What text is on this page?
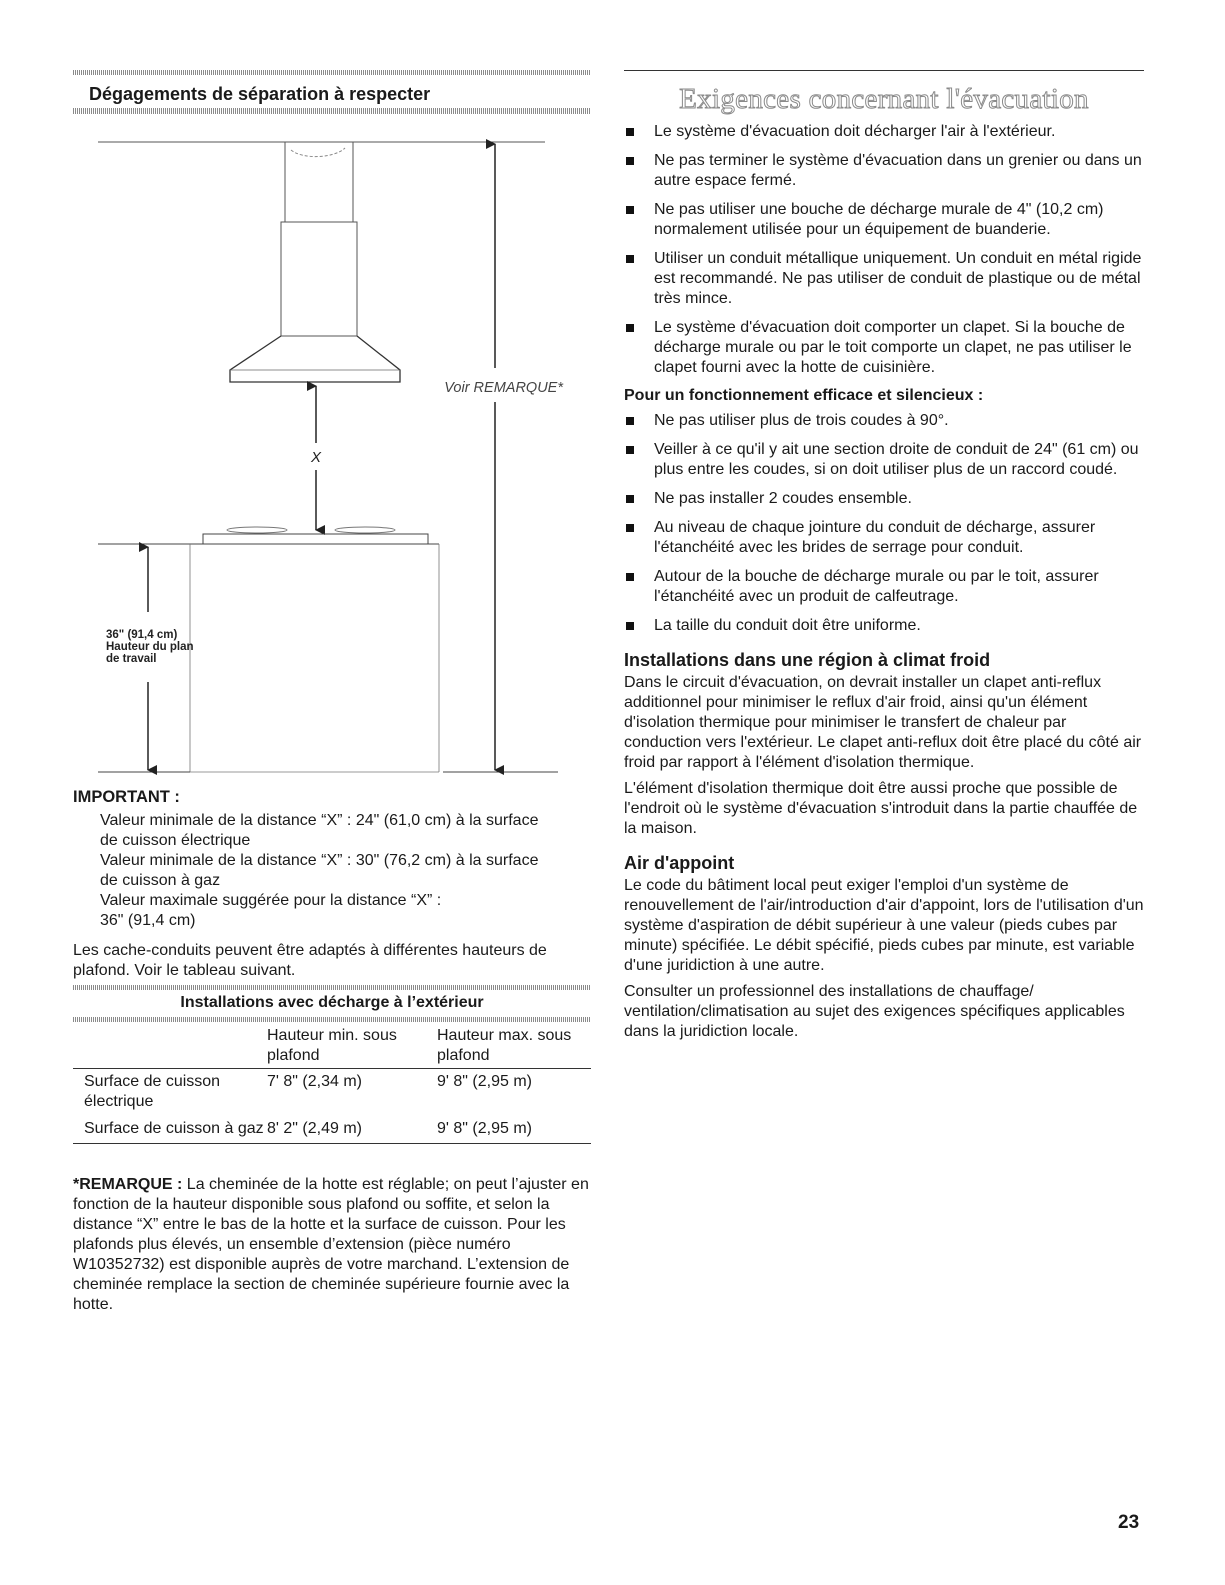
Dégagements de séparation à respecter
X
36" (91,4 cm)
Hauteur du plan
de travail
Voir REMARQUE*
IMPORTANT :
Valeur minimale de la distance “X” : 24" (61,0 cm) à la surface
de cuisson électrique
Valeur minimale de la distance “X” : 30" (76,2 cm) à la surface
de cuisson à gaz
Valeur maximale suggérée pour la distance “X” :
36" (91,4 cm)
Les cache-conduits peuvent être adaptés à différentes hauteurs de plafond. Voir le tableau suivant.
Installations avec décharge à l’extérieur
	Hauteur min. sous plafond	Hauteur max. sous plafond
Surface de cuisson électrique	7' 8" (2,34 m)	9' 8" (2,95 m)
Surface de cuisson à gaz	8' 2" (2,49 m)	9' 8" (2,95 m)
*REMARQUE : La cheminée de la hotte est réglable; on peut l’ajuster en fonction de la hauteur disponible sous plafond ou soffite, et selon la distance “X” entre le bas de la hotte et la surface de cuisson. Pour les plafonds plus élevés, un ensemble d’extension (pièce numéro W10352732) est disponible auprès de votre marchand. L’extension de cheminée remplace la section de cheminée supérieure fournie avec la hotte.
Exigences concernant l'évacuation
Le système d'évacuation doit décharger l'air à l'extérieur.
Ne pas terminer le système d'évacuation dans un grenier ou dans un autre espace fermé.
Ne pas utiliser une bouche de décharge murale de 4" (10,2 cm) normalement utilisée pour un équipement de buanderie.
Utiliser un conduit métallique uniquement. Un conduit en métal rigide est recommandé. Ne pas utiliser de conduit de plastique ou de métal très mince.
Le système d'évacuation doit comporter un clapet. Si la bouche de décharge murale ou par le toit comporte un clapet, ne pas utiliser le clapet fourni avec la hotte de cuisinière.
Pour un fonctionnement efficace et silencieux :
Ne pas utiliser plus de trois coudes à 90°.
Veiller à ce qu'il y ait une section droite de conduit de 24" (61 cm) ou plus entre les coudes, si on doit utiliser plus de un raccord coudé.
Ne pas installer 2 coudes ensemble.
Au niveau de chaque jointure du conduit de décharge, assurer l'étanchéité avec les brides de serrage pour conduit.
Autour de la bouche de décharge murale ou par le toit, assurer l'étanchéité avec un produit de calfeutrage.
La taille du conduit doit être uniforme.
Installations dans une région à climat froid
Dans le circuit d'évacuation, on devrait installer un clapet anti-reflux additionnel pour minimiser le reflux d'air froid, ainsi qu'un élément d'isolation thermique pour minimiser le transfert de chaleur par conduction vers l'extérieur. Le clapet anti-reflux doit être placé du côté air froid par rapport à l'élément d'isolation thermique.
L'élément d'isolation thermique doit être aussi proche que possible de l'endroit où le système d'évacuation s'introduit dans la partie chauffée de la maison.
Air d'appoint
Le code du bâtiment local peut exiger l'emploi d'un système de renouvellement de l'air/introduction d'air d'appoint, lors de l'utilisation d'un système d'aspiration de débit supérieur à une valeur (pieds cubes par minute) spécifiée. Le débit spécifié, pieds cubes par minute, est variable d'une juridiction à une autre.
Consulter un professionnel des installations de chauffage/ ventilation/climatisation au sujet des exigences spécifiques applicables dans la juridiction locale.
23
